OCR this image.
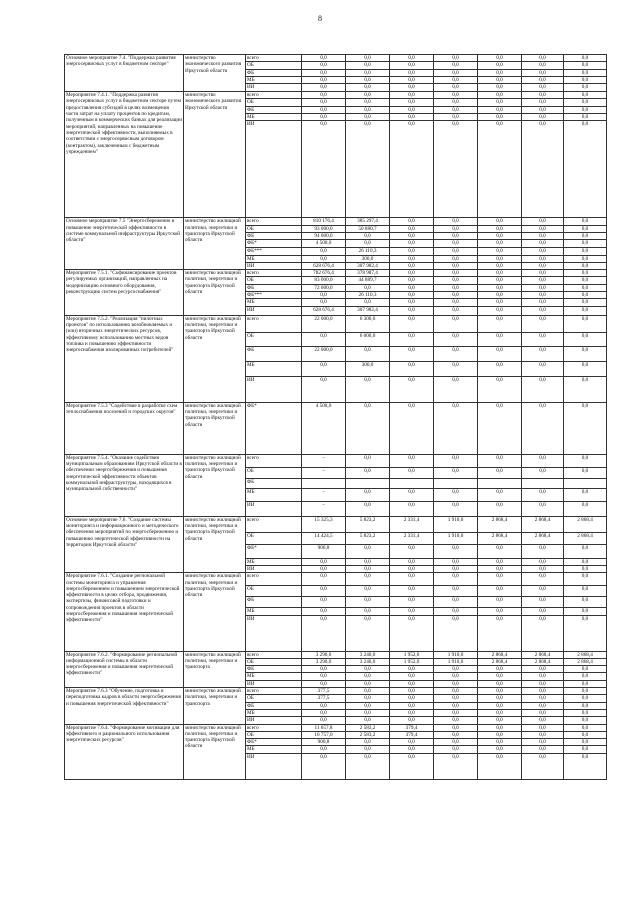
8
Основное мероприятие 7.4. "Поддержка развития энергосервисных услуг в бюджетном секторе"	министерство экономического развития Иркутской области	всего	0,0	0,0	0,0	0,0	0,0	0,0	0,0
		ОБ	0,0	0,0	0,0	0,0	0,0	0,0	0,0
		ФБ	0,0	0,0	0,0	0,0	0,0	0,0	0,0
		МБ	0,0	0,0	0,0	0,0	0,0	0,0	0,0
		ИИ	0,0	0,0	0,0	0,0	0,0	0,0	0,0
Мероприятие 7.4.1. "Поддержка развития энергосервисных услуг в бюджетном секторе путем предоставления субсидий в целях возмещения части затрат на уплату процентов по кредитам, полученным в коммерческих банках для реализации мероприятий, направленных на повышение энергетической эффективности, выполняемых в соответствии с энергосервисным договором (контрактом), заключенным с бюджетным учреждением"	министерство экономического развития Иркутской области	всего	0,0	0,0	0,0	0,0	0,0	0,0	0,0
		ОБ	0,0	0,0	0,0	0,0	0,0	0,0	0,0
		ФБ	0,0	0,0	0,0	0,0	0,0	0,0	0,0
		МБ	0,0	0,0	0,0	0,0	0,0	0,0	0,0
		ИИ	0,0	0,0	0,0	0,0	0,0	0,0	0,0
Основное мероприятие 7.5 "Энергосбережение и повышение энергетической эффективности в системе коммунальной инфраструктуры Иркутской области"	министерство жилищной политики, энергетики и транспорта Иркутской области	всего	810 176,4	385 297,4	0,0	0,0	0,0	0,0	0,0
		ОБ	93 000,0	50 880,7	0,0	0,0	0,0	0,0	0,0
		ФБ	94 000,0	0,0	0,0	0,0	0,0	0,0	0,0
		ФБ*	4 500,0	0,0	0,0	0,0	0,0	0,0	0,0
		ФБ***	0,0	26 110,3	0,0	0,0	0,0	0,0	0,0
		МБ	0,0	300,0	0,0	0,0	0,0	0,0	0,0
		ИИ	628 676,4	307 982,4	0,0	0,0	0,0	0,0	0,0
Мероприятие 7.5.1. "Софинансирование проектов регулируемых организаций, направленных на модернизацию основного оборудования, реконструкцию систем ресурсоснабжения"	министерство жилищной политики, энергетики и транспорта Иркутской области	всего	782 676,4	378 987,4	0,0	0,0	0,0	0,0	0,0
		ОБ	83 000,0	44 889,7	0,0	0,0	0,0	0,0	0,0
		ФБ	72 000,0	0,0	0,0	0,0	0,0	0,0	0,0
		ФБ***	0,0	26 110,3	0,0	0,0	0,0	0,0	0,0
		МБ	0,0	0,0	0,0	0,0	0,0	0,0	0,0
		ИИ	628 676,4	307 982,4	0,0	0,0	0,0	0,0	0,0
Мероприятие 7.5.2. "Реализация "пилотных проектов" по использованию возобновляемых и (или) вторичных энергетических ресурсов, эффективному использованию местных видов топлива и повышению эффективности энергоснабжения изолированных потребителей"	министерство жилищной политики, энергетики и транспорта Иркутской области	всего	22 000,0	6 300,0	0,0	0,0	0,0	0,0	0,0
		ОБ	0,0	6 000,0	0,0	0,0	0,0	0,0	0,0
		ФБ	22 000,0	0,0	0,0	0,0	0,0	0,0	0,0
		МБ	0,0	300,0	0,0	0,0	0,0	0,0	0,0
		ИИ	0,0	0,0	0,0	0,0	0,0	0,0	0,0
Мероприятие 7.5.3 "Содействие в разработке схем теплоснабжения поселений и городских округов"	министерство жилищной политики, энергетики и транспорта Иркутской области	ФБ*	4 500,0	0,0	0,0	0,0	0,0	0,0	0,0
Мероприятие 7.5.4. "Оказание содействия муниципальным образованиям Иркутской области в обеспечении энергосбережения и повышения энергетической эффективности объектов коммунальной инфраструктуры, находящихся в муниципальной собственности"	министерство жилищной политики, энергетики и транспорта Иркутской области	всего	–	0,0	0,0	0,0	0,0	0,0	0,0
		ОБ	–	0,0	0,0	0,0	0,0	0,0	0,0
		ФБ							
		МБ	–	0,0	0,0	0,0	0,0	0,0	0,0
		ИИ	–	0,0	0,0	0,0	0,0	0,0	0,0
Основное мероприятие 7.6. "Создание системы мониторинга и информационного и методического обеспечения мероприятий по энергосбережению и повышению энергетической эффективности на территории Иркутской области"	министерство жилищной политики, энергетики и транспорта Иркутской области	всего	15 325,3	5 823,2	2 331,4	1 910,0	2 868,4	2 868,4	2 868,4
		ОБ	14 424,5	5 823,2	2 331,4	1 910,0	2 868,4	2 868,4	2 868,4
		ФБ*	900,8	0,0	0,0	0,0	0,0	0,0	0,0
		МБ	0,0	0,0	0,0	0,0	0,0	0,0	0,0
		ИИ	0,0	0,0	0,0	0,0	0,0	0,0	0,0
Мероприятие 7.6.1. "Создание региональной системы мониторинга и управления энергосбережением и повышением энергетической эффективности в целях отбора, продвижения, экспертизы, финансовой подготовки и сопровождения проектов в области энергосбережения и повышения энергетической эффективности"	министерство жилищной политики, энергетики и транспорта Иркутской области	всего	0,0	0,0	0,0	0,0	0,0	0,0	0,0
		ОБ	0,0	0,0	0,0	0,0	0,0	0,0	0,0
		ФБ	0,0	0,0	0,0	0,0	0,0	0,0	0,0
		МБ	0,0	0,0	0,0	0,0	0,0	0,0	0,0
		ИИ	0,0	0,0	0,0	0,0	0,0	0,0	0,0
Мероприятие 7.6.2. "Формирование региональной информационной системы в области энергосбережения и повышения энергетической эффективности"	министерство жилищной политики, энергетики и транспорта	всего	3 290,0	3 240,0	1 952,0	1 910,0	2 868,4	2 868,4	2 868,4
		ОБ	3 290,0	3 240,0	1 952,0	1 910,0	2 868,4	2 868,4	2 868,4
		ФБ	0,0	0,0	0,0	0,0	0,0	0,0	0,0
		МБ	0,0	0,0	0,0	0,0	0,0	0,0	0,0
		ИИ	0,0	0,0	0,0	0,0	0,0	0,0	0,0
Мероприятие 7.6.3 "Обучение, подготовка и переподготовка кадров в области энергосбережения и повышения энергетической эффективности"	министерство жилищной политики, энергетики и транспорта	всего	377,5	0,0	0,0	0,0	0,0	0,0	0,0
		ОБ	377,5	0,0	0,0	0,0	0,0	0,0	0,0
		ФБ	0,0	0,0	0,0	0,0	0,0	0,0	0,0
		МБ	0,0	0,0	0,0	0,0	0,0	0,0	0,0
		ИИ	0,0	0,0	0,0	0,0	0,0	0,0	0,0
Мероприятие 7.6.4. "Формирование мотивации для эффективного и рационального использования энергетических ресурсов"	министерство жилищной политики, энергетики и транспорта Иркутской области	всего	11 657,8	2 583,2	379,4	0,0	0,0	0,0	0,0
		ОБ	10 757,0	2 583,2	379,4	0,0	0,0	0,0	0,0
		ФБ*	900,8	0,0	0,0	0,0	0,0	0,0	0,0
		МБ	0,0	0,0	0,0	0,0	0,0	0,0	0,0
		ИИ	0,0	0,0	0,0	0,0	0,0	0,0	0,0
